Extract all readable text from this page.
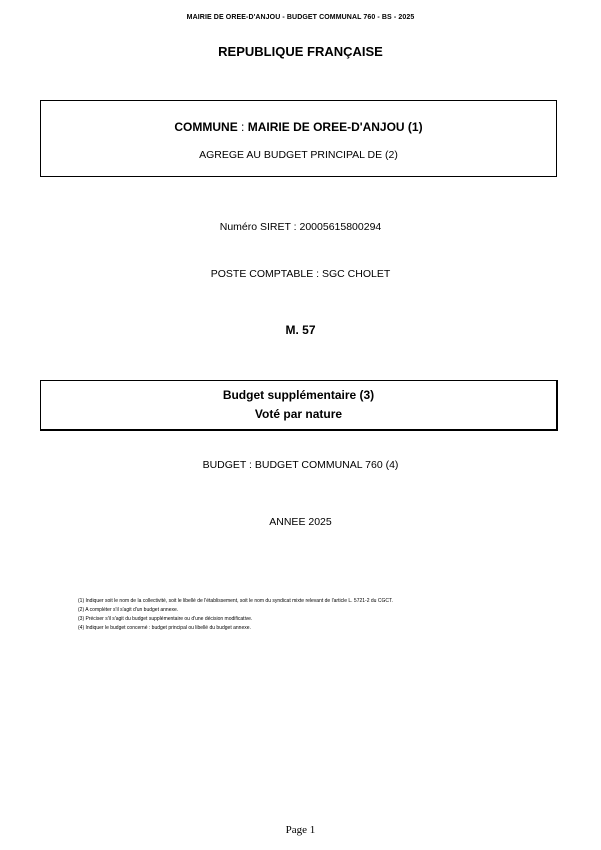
MAIRIE DE OREE-D'ANJOU - BUDGET COMMUNAL 760 - BS - 2025
REPUBLIQUE FRANÇAISE
COMMUNE : MAIRIE DE OREE-D'ANJOU (1)
AGREGE AU BUDGET PRINCIPAL DE (2)
Numéro SIRET : 20005615800294
POSTE COMPTABLE : SGC CHOLET
M. 57
Budget supplémentaire (3)
Voté par nature
BUDGET : BUDGET COMMUNAL 760 (4)
ANNEE 2025
(1) Indiquer soit le nom de la collectivité, soit le libellé de l'établissement, soit le nom du syndicat mixte relevant de l'article L. 5721-2 du CGCT.
(2) A compléter s'il s'agit d'un budget annexe.
(3) Préciser s'il s'agit du budget supplémentaire ou d'une décision modificative.
(4) Indiquer le budget concerné : budget principal ou libellé du budget annexe.
Page 1
